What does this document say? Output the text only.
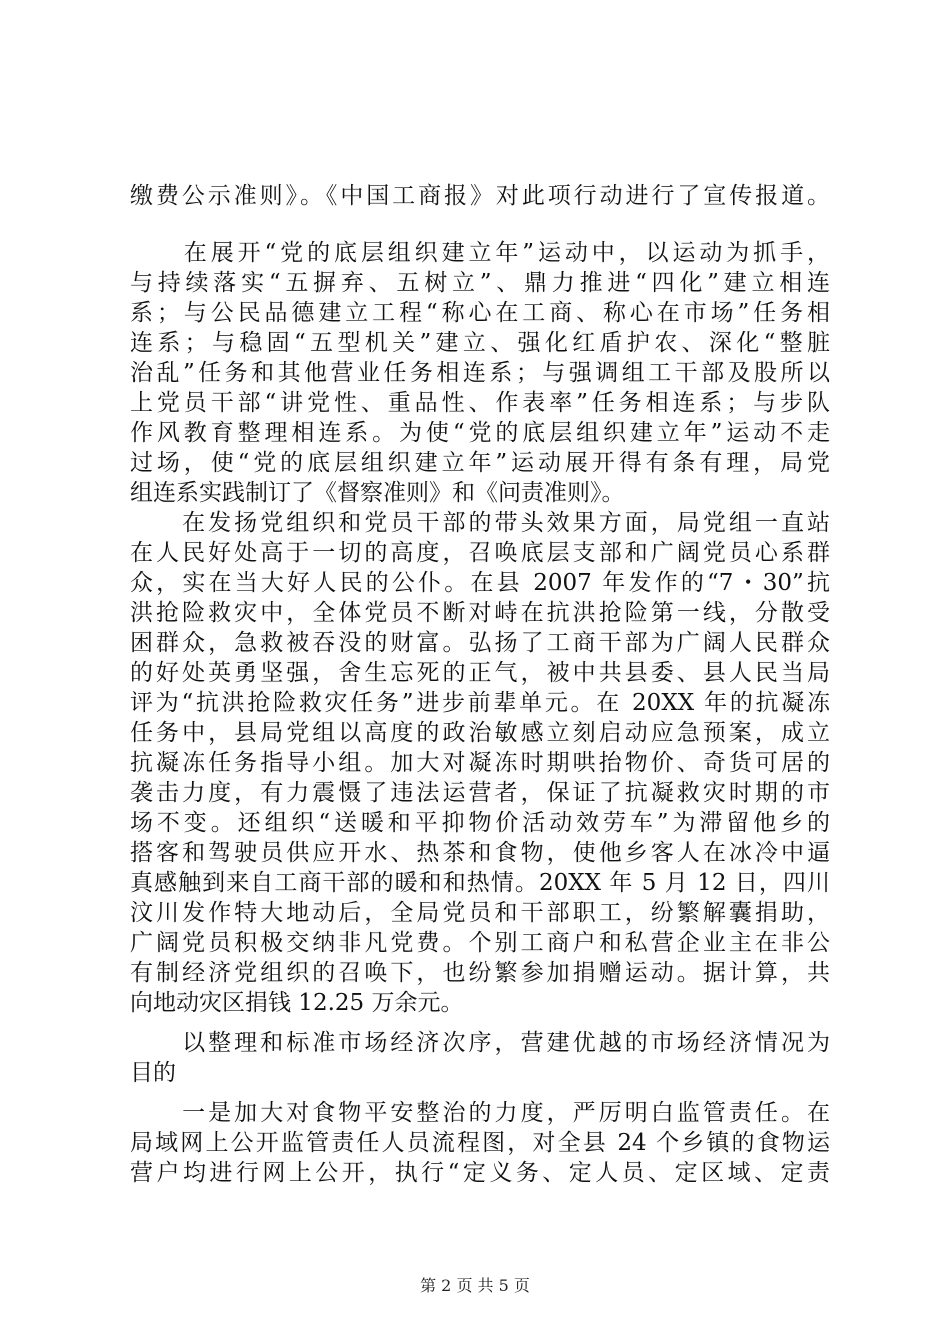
缴费公示准则》。《中国工商报》对此项行动进行了宣传报道。
　　在展开“党的底层组织建立年”运动中，以运动为抓手，
与持续落实“五摒弃、五树立”、鼎力推进“四化”建立相连
系；与公民品德建立工程“称心在工商、称心在市场”任务相
连系；与稳固“五型机关”建立、强化红盾护农、深化“整脏
治乱”任务和其他营业任务相连系；与强调组工干部及股所以
上党员干部“讲党性、重品性、作表率”任务相连系；与步队
作风教育整理相连系。为使“党的底层组织建立年”运动不走
过场，使“党的底层组织建立年”运动展开得有条有理，局党
组连系实践制订了《督察准则》和《问责准则》。
　　在发扬党组织和党员干部的带头效果方面，局党组一直站
在人民好处高于一切的高度，召唤底层支部和广阔党员心系群
众，实在当大好人民的公仆。在县 2007 年发作的“7・30”抗
洪抢险救灾中，全体党员不断对峙在抗洪抢险第一线，分散受
困群众，急救被吞没的财富。弘扬了工商干部为广阔人民群众
的好处英勇坚强，舍生忘死的正气，被中共县委、县人民当局
评为“抗洪抢险救灾任务”进步前辈单元。在 20XX 年的抗凝冻
任务中，县局党组以高度的政治敏感立刻启动应急预案，成立
抗凝冻任务指导小组。加大对凝冻时期哄抬物价、奇货可居的
袭击力度，有力震慑了违法运营者，保证了抗凝救灾时期的市
场不变。还组织“送暖和平抑物价活动效劳车”为滞留他乡的
搭客和驾驶员供应开水、热茶和食物，使他乡客人在冰冷中逼
真感触到来自工商干部的暖和和热情。20XX 年 5 月 12 日，四川
汶川发作特大地动后，全局党员和干部职工，纷繁解囊捐助，
广阔党员积极交纳非凡党费。个别工商户和私营企业主在非公
有制经济党组织的召唤下，也纷繁参加捐赠运动。据计算，共
向地动灾区捐钱 12.25 万余元。
　　以整理和标准市场经济次序，营建优越的市场经济情况为
目的
　　一是加大对食物平安整治的力度，严厉明白监管责任。在
局域网上公开监管责任人员流程图，对全县 24 个乡镇的食物运
营户均进行网上公开，执行“定义务、定人员、定区域、定责
第 2 页 共 5 页
